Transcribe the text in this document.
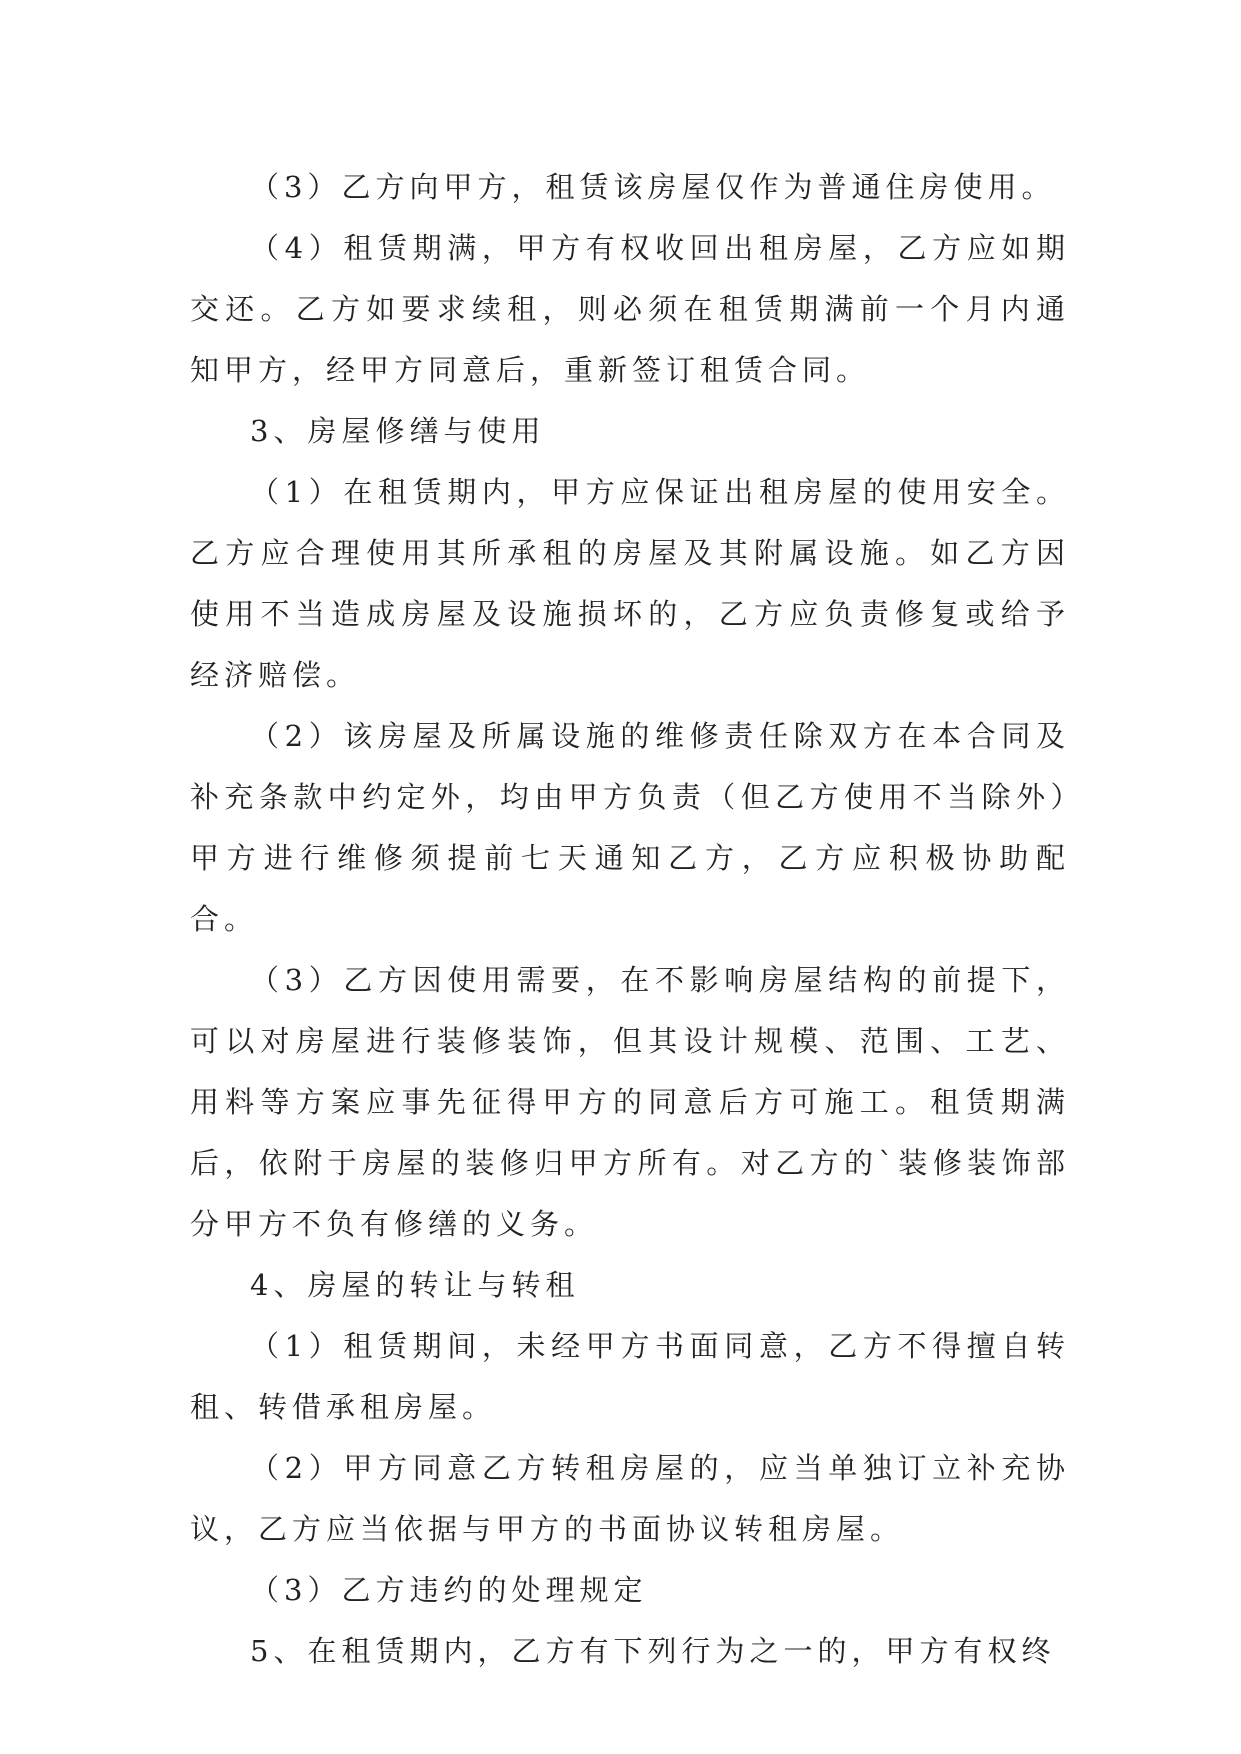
（3）乙方向甲方，租赁该房屋仅作为普通住房使用。

（4）租赁期满，甲方有权收回出租房屋，乙方应如期交还。乙方如要求续租，则必须在租赁期满前一个月内通知甲方，经甲方同意后，重新签订租赁合同。

3、房屋修缮与使用

（1）在租赁期内，甲方应保证出租房屋的使用安全。乙方应合理使用其所承租的房屋及其附属设施。如乙方因使用不当造成房屋及设施损坏的，乙方应负责修复或给予经济赔偿。

（2）该房屋及所属设施的维修责任除双方在本合同及补充条款中约定外，均由甲方负责（但乙方使用不当除外）甲方进行维修须提前七天通知乙方，乙方应积极协助配合。

（3）乙方因使用需要，在不影响房屋结构的前提下，可以对房屋进行装修装饰，但其设计规模、范围、工艺、用料等方案应事先征得甲方的同意后方可施工。租赁期满后，依附于房屋的装修归甲方所有。对乙方的`装修装饰部分甲方不负有修缮的义务。

4、房屋的转让与转租

（1）租赁期间，未经甲方书面同意，乙方不得擅自转租、转借承租房屋。

（2）甲方同意乙方转租房屋的，应当单独订立补充协议，乙方应当依据与甲方的书面协议转租房屋。

（3）乙方违约的处理规定

5、在租赁期内，乙方有下列行为之一的，甲方有权终
